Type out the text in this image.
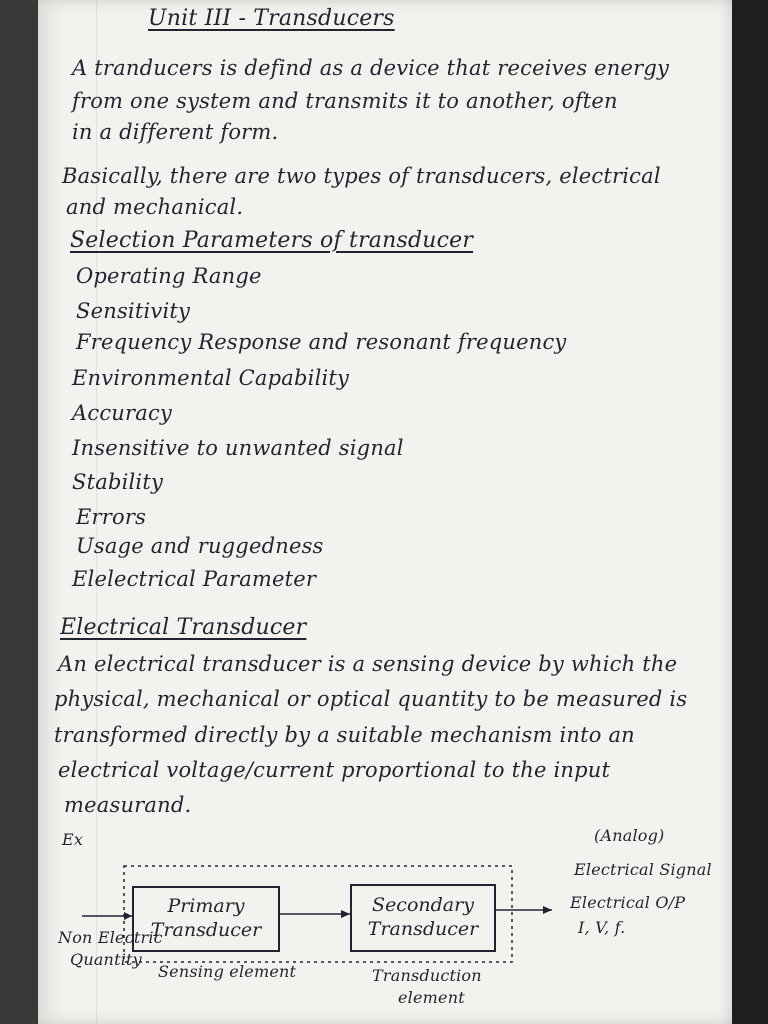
Unit III - Transducers
A tranducers is defind as a device that receives energy
from one system and transmits it to another, often
in a different form.
Basically, there are two types of transducers, electrical
and mechanical.
Selection Parameters of transducer
Operating Range
Sensitivity
Frequency Response and resonant frequency
Environmental Capability
Accuracy
Insensitive to unwanted signal
Stability
Errors
Usage and ruggedness
Elelectrical Parameter
Electrical Transducer
An electrical transducer is a sensing device by which the
physical, mechanical or optical quantity to be measured is
transformed directly by a suitable mechanism into an
electrical voltage/current proportional to the input
measurand.
Ex	(Analog)
Electrical Signal
Electrical O/P
I, V, f.
Primary
Transducer
Secondary
Transducer
Non Electric
Quantity
Sensing element	Transduction
element
